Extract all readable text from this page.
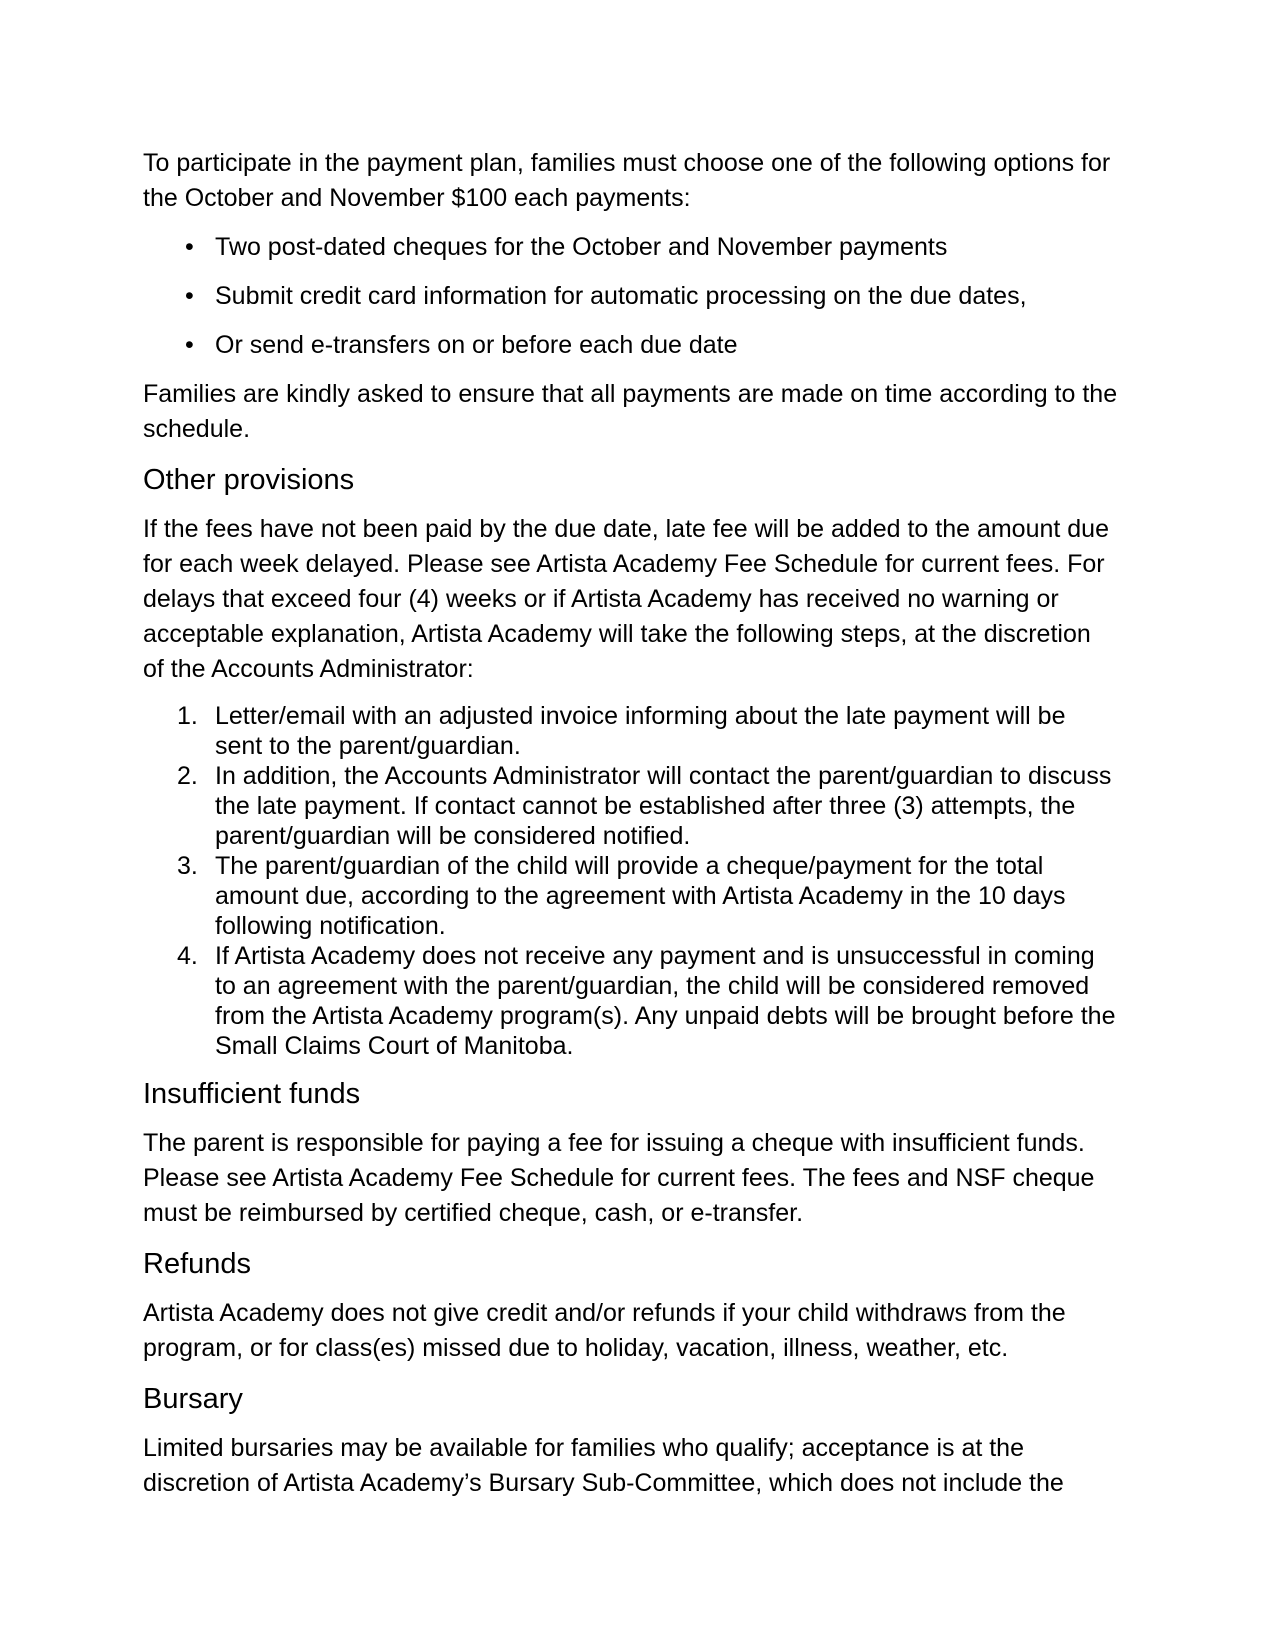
To participate in the payment plan, families must choose one of the following options for the October and November $100 each payments:

• Two post-dated cheques for the October and November payments
• Submit credit card information for automatic processing on the due dates,
• Or send e-transfers on or before each due date

Families are kindly asked to ensure that all payments are made on time according to the schedule.

Other provisions

If the fees have not been paid by the due date, late fee will be added to the amount due for each week delayed. Please see Artista Academy Fee Schedule for current fees. For delays that exceed four (4) weeks or if Artista Academy has received no warning or acceptable explanation, Artista Academy will take the following steps, at the discretion of the Accounts Administrator:

1. Letter/email with an adjusted invoice informing about the late payment will be sent to the parent/guardian.
2. In addition, the Accounts Administrator will contact the parent/guardian to discuss the late payment. If contact cannot be established after three (3) attempts, the parent/guardian will be considered notified.
3. The parent/guardian of the child will provide a cheque/payment for the total amount due, according to the agreement with Artista Academy in the 10 days following notification.
4. If Artista Academy does not receive any payment and is unsuccessful in coming to an agreement with the parent/guardian, the child will be considered removed from the Artista Academy program(s). Any unpaid debts will be brought before the Small Claims Court of Manitoba.
Insufficient funds

The parent is responsible for paying a fee for issuing a cheque with insufficient funds. Please see Artista Academy Fee Schedule for current fees. The fees and NSF cheque must be reimbursed by certified cheque, cash, or e-transfer.

Refunds

Artista Academy does not give credit and/or refunds if your child withdraws from the program, or for class(es) missed due to holiday, vacation, illness, weather, etc.

Bursary

Limited bursaries may be available for families who qualify; acceptance is at the discretion of Artista Academy’s Bursary Sub-Committee, which does not include the
